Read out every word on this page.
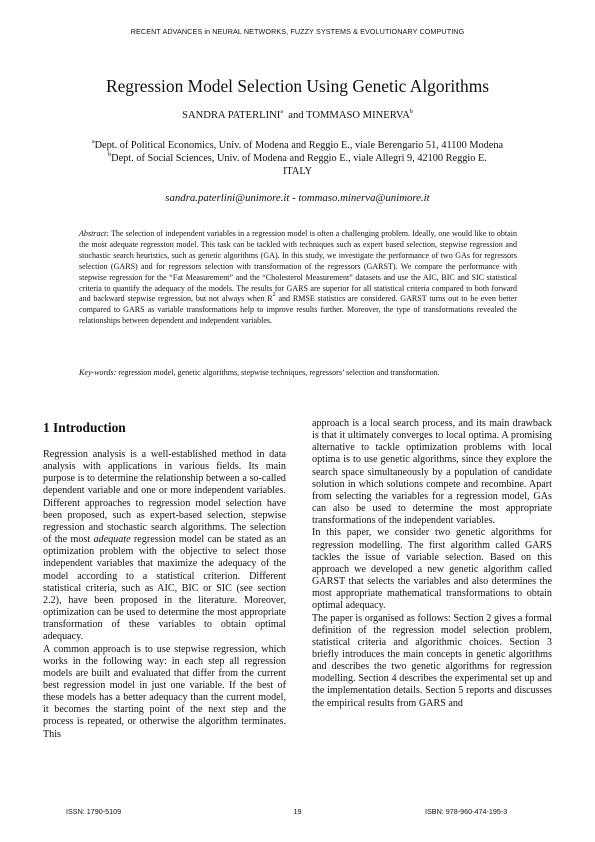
RECENT ADVANCES in NEURAL NETWORKS, FUZZY SYSTEMS & EVOLUTIONARY COMPUTING
Regression Model Selection Using Genetic Algorithms
SANDRA PATERLINI$^a$ and TOMMASO MINERVA$^b$
$^a$Dept. of Political Economics, Univ. of Modena and Reggio E., viale Berengario 51, 41100 Modena
$^b$Dept. of Social Sciences, Univ. of Modena and Reggio E., viale Allegri 9, 42100 Reggio E.
ITALY
sandra.paterlini@unimore.it - tommaso.minerva@unimore.it
Abstract: The selection of independent variables in a regression model is often a challenging problem. Ideally, one would like to obtain the most adequate regression model. This task can be tackled with techniques such as expert based selection, stepwise regression and stochastic search heuristics, such as genetic algorithms (GA). In this study, we investigate the performance of two GAs for regressors selection (GARS) and for regressors selection with transformation of the regressors (GARST). We compare the performance with stepwise regression for the “Fat Measurement” and the “Cholesterol Measurement” datasets and use the AIC, BIC and SIC statistical criteria to quantify the adequacy of the models. The results for GARS are superior for all statistical criteria compared to both forward and backward stepwise regression, but not always when $R^2$ and RMSE statistics are considered. GARST turns out to be even better compared to GARS as variable transformations help to improve results further. Moreover, the type of transformations revealed the relationships between dependent and independent variables.
Key-words: regression model, genetic algorithms, stepwise techniques, regressors’ selection and transformation.
1 Introduction

Regression analysis is a well-established method in data analysis with applications in various fields. Its main purpose is to determine the relationship between a so-called dependent variable and one or more independent variables. Different approaches to regression model selection have been proposed, such as expert-based selection, stepwise regression and stochastic search algorithms. The selection of the most adequate regression model can be stated as an optimization problem with the objective to select those independent variables that maximize the adequacy of the model according to a statistical criterion. Different statistical criteria, such as AIC, BIC or SIC (see section 2.2), have been proposed in the literature. Moreover, optimization can be used to determine the most appropriate transformation of these variables to obtain optimal adequacy.

A common approach is to use stepwise regression, which works in the following way: in each step all regression models are built and evaluated that differ from the current best regression model in just one variable. If the best of these models has a better adequacy than the current model, it becomes the starting point of the next step and the process is repeated, or otherwise the algorithm terminates. This

approach is a local search process, and its main drawback is that it ultimately converges to local optima. A promising alternative to tackle optimization problems with local optima is to use genetic algorithms, since they explore the search space simultaneously by a population of candidate solution in which solutions compete and recombine. Apart from selecting the variables for a regression model, GAs can also be used to determine the most appropriate transformations of the independent variables.

In this paper, we consider two genetic algorithms for regression modelling. The first algorithm called GARS tackles the issue of variable selection. Based on this approach we developed a new genetic algorithm called GARST that selects the variables and also determines the most appropriate mathematical transformations to obtain optimal adequacy.

The paper is organised as follows: Section 2 gives a formal definition of the regression model selection problem, statistical criteria and algorithmic choices. Section 3 briefly introduces the main concepts in genetic algorithms and describes the two genetic algorithms for regression modelling. Section 4 describes the experimental set up and the implementation details. Section 5 reports and discusses the empirical results from GARS and

ISSN: 1790-5109	19	ISBN: 978-960-474-195-3
